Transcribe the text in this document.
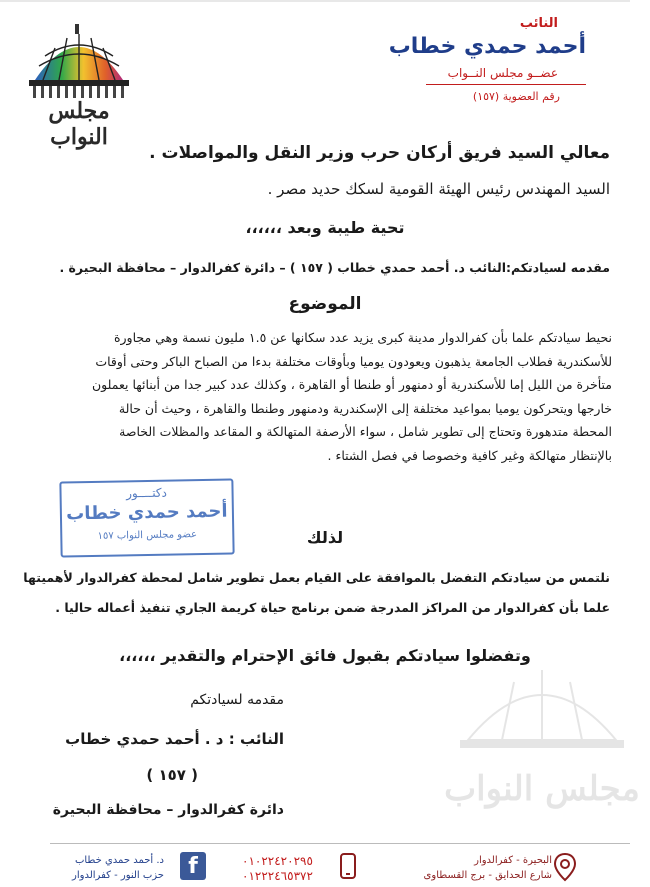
مجلس النواب
النائب
أحمد حمدي خطاب
عضــو مجلس النــواب
رقم العضوية (١٥٧)
معالي السيد فريق أركان حرب وزير النقل والمواصلات .
السيد المهندس رئيس الهيئة القومية لسكك حديد مصر .
تحية طيبة وبعد ،،،،،،
مقدمه لسيادتكم:النائب د. أحمد حمدي خطاب ( ١٥٧ ) – دائرة كفرالدوار – محافظة البحيرة .
الموضوع
نحيط سيادتكم علما بأن كفرالدوار مدينة كبرى يزيد عدد سكانها عن ١.٥ مليون نسمة وهي مجاورة
للأسكندرية فطلاب الجامعة يذهبون ويعودون يوميا وبأوقات مختلفة بدءا من الصباح الباكر وحتى أوقات
متأخرة من الليل إما للأسكندرية أو دمنهور أو طنطا أو القاهرة ، وكذلك عدد كبير جدا من أبنائها يعملون
خارجها ويتحركون يوميا بمواعيد مختلفة إلى الإسكندرية ودمنهور وطنطا والقاهرة ، وحيث أن حالة
المحطة متدهورة وتحتاج إلى تطوير شامل ، سواء الأرصفة المتهالكة و المقاعد والمظلات الخاصة
بالإنتظار متهالكة وغير كافية وخصوصا في فصل الشتاء .
دكتــــور
أحمد حمدي خطاب
عضو مجلس النواب ١٥٧	لذلك
نلتمس من سيادتكم التفضل بالموافقة على القيام بعمل تطوير شامل لمحطة كفرالدوار لأهميتها
علما بأن كفرالدوار من المراكز المدرجة ضمن برنامج حياة كريمة الجاري تنفيذ أعماله حاليا .
وتفضلوا سيادتكم بقبول فائق الإحترام والتقدير ،،،،،،
مجلس النواب
مقدمه لسيادتكم
النائب : د . أحمد حمدي خطاب
( ١٥٧ )
دائرة كفرالدوار – محافظة البحيرة
البحيرة - كفرالدوار
شارع الحدايق - برج القسطاوى
٠١٠٢٢٤٢٠٢٩٥
٠١٢٢٢٤٦٥٣٧٢
f
د. أحمد حمدي خطاب
حزب النور - كفرالدوار
